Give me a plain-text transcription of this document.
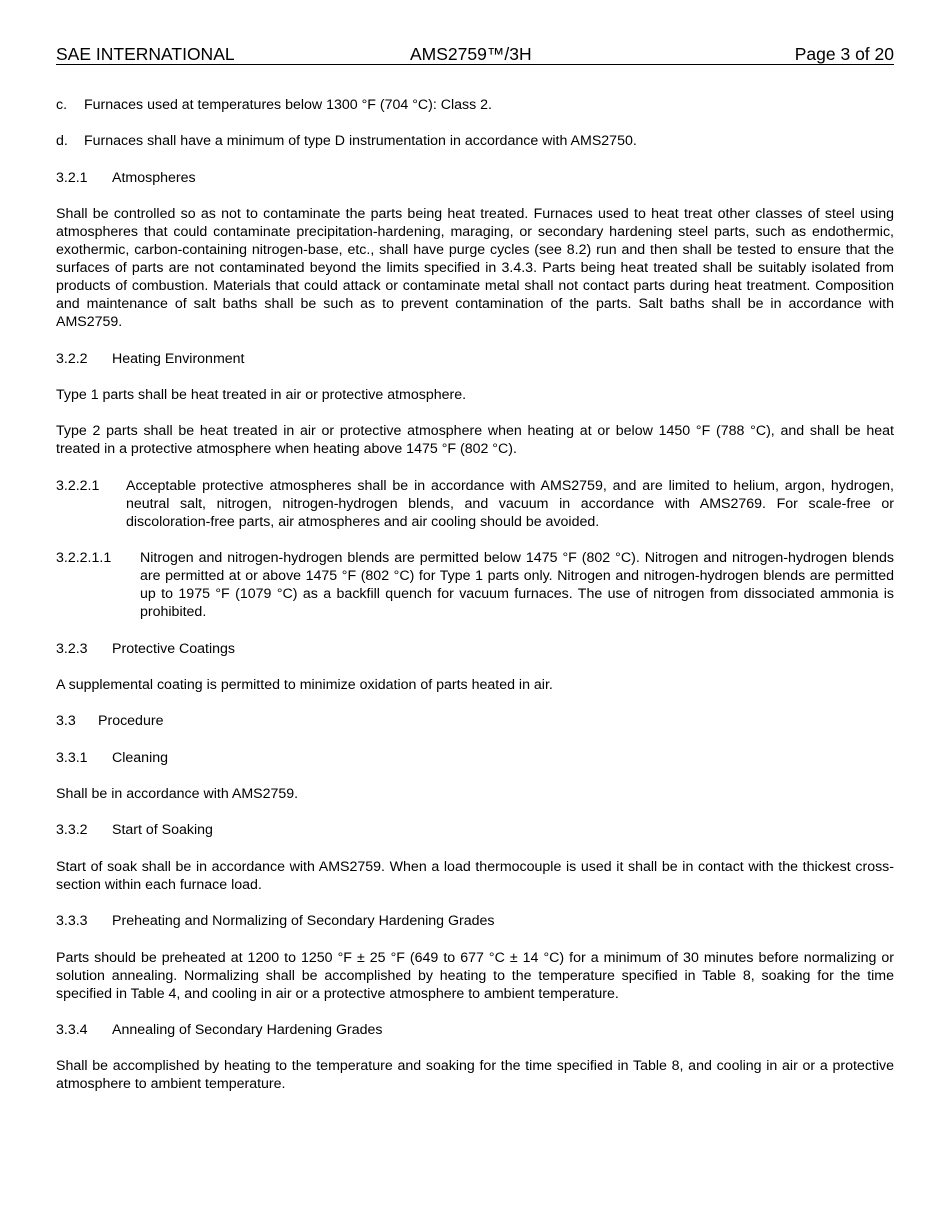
SAE INTERNATIONAL	AMS2759™/3H	Page 3 of 20
c.	Furnaces used at temperatures below 1300 °F (704 °C): Class 2.
d.	Furnaces shall have a minimum of type D instrumentation in accordance with AMS2750.
3.2.1	Atmospheres

Shall be controlled so as not to contaminate the parts being heat treated. Furnaces used to heat treat other classes of steel using atmospheres that could contaminate precipitation-hardening, maraging, or secondary hardening steel parts, such as endothermic, exothermic, carbon-containing nitrogen-base, etc., shall have purge cycles (see 8.2) run and then shall be tested to ensure that the surfaces of parts are not contaminated beyond the limits specified in 3.4.3. Parts being heat treated shall be suitably isolated from products of combustion. Materials that could attack or contaminate metal shall not contact parts during heat treatment. Composition and maintenance of salt baths shall be such as to prevent contamination of the parts. Salt baths shall be in accordance with AMS2759.

3.2.2	Heating Environment

Type 1 parts shall be heat treated in air or protective atmosphere.

Type 2 parts shall be heat treated in air or protective atmosphere when heating at or below 1450 °F (788 °C), and shall be heat treated in a protective atmosphere when heating above 1475 °F (802 °C).

3.2.2.1	Acceptable protective atmospheres shall be in accordance with AMS2759, and are limited to helium, argon, hydrogen, neutral salt, nitrogen, nitrogen-hydrogen blends, and vacuum in accordance with AMS2769. For scale-free or discoloration-free parts, air atmospheres and air cooling should be avoided.
3.2.2.1.1	Nitrogen and nitrogen-hydrogen blends are permitted below 1475 °F (802 °C). Nitrogen and nitrogen-hydrogen blends are permitted at or above 1475 °F (802 °C) for Type 1 parts only. Nitrogen and nitrogen-hydrogen blends are permitted up to 1975 °F (1079 °C) as a backfill quench for vacuum furnaces. The use of nitrogen from dissociated ammonia is prohibited.
3.2.3	Protective Coatings

A supplemental coating is permitted to minimize oxidation of parts heated in air.

3.3	Procedure
3.3.1	Cleaning

Shall be in accordance with AMS2759.

3.3.2	Start of Soaking

Start of soak shall be in accordance with AMS2759. When a load thermocouple is used it shall be in contact with the thickest cross-section within each furnace load.

3.3.3	Preheating and Normalizing of Secondary Hardening Grades

Parts should be preheated at 1200 to 1250 °F ± 25 °F (649 to 677 °C ± 14 °C) for a minimum of 30 minutes before normalizing or solution annealing. Normalizing shall be accomplished by heating to the temperature specified in Table 8, soaking for the time specified in Table 4, and cooling in air or a protective atmosphere to ambient temperature.

3.3.4	Annealing of Secondary Hardening Grades

Shall be accomplished by heating to the temperature and soaking for the time specified in Table 8, and cooling in air or a protective atmosphere to ambient temperature.
